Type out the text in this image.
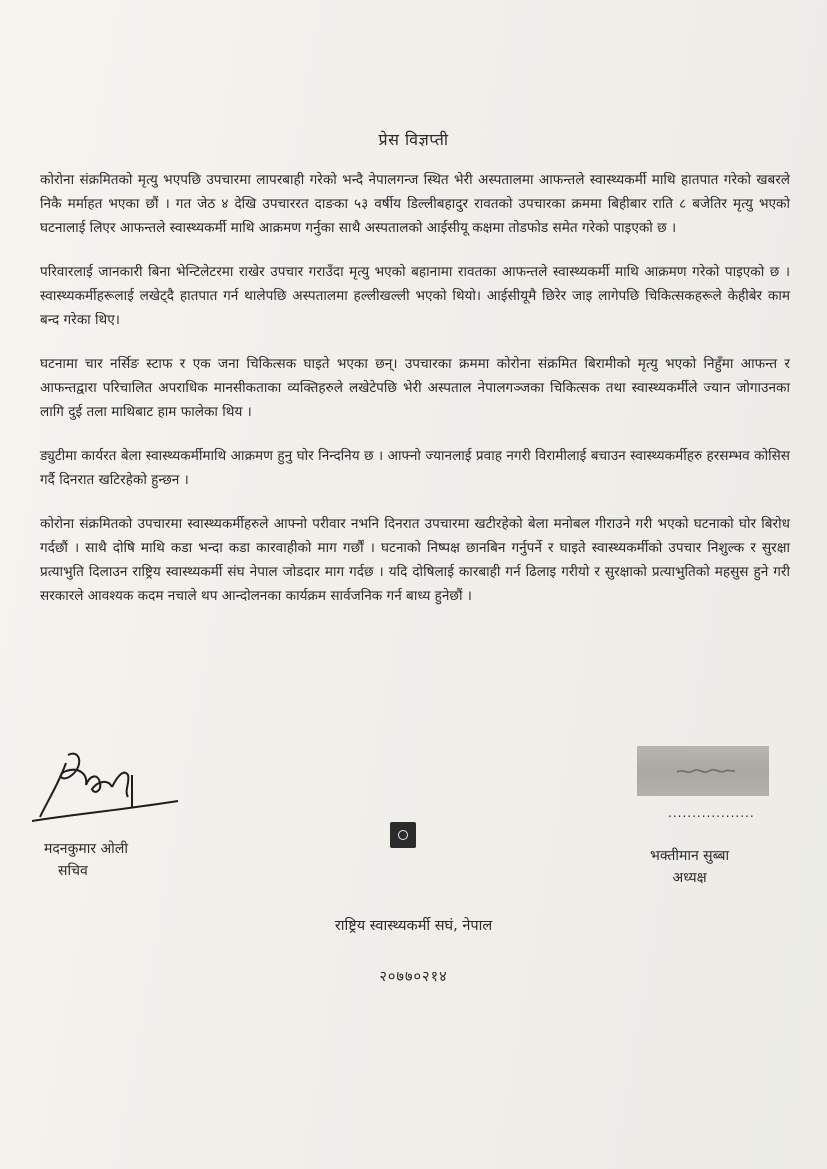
प्रेस विज्ञप्ती

कोरोना संक्रमितको मृत्यु भएपछि उपचारमा लापरबाही गरेको भन्दै नेपालगन्ज स्थित भेरी अस्पतालमा आफन्तले स्वास्थ्यकर्मी माथि हातपात गरेको खबरले निकै मर्माहत भएका छौं । गत जेठ ४ देखि उपचाररत दाङका ५३ वर्षीय डिल्लीबहादुर रावतको उपचारका क्रममा बिहीबार राति ८ बजेतिर मृत्यु भएको घटनालाई लिएर आफन्तले स्वास्थ्यकर्मी माथि आक्रमण गर्नुका साथै अस्पतालको आईसीयू कक्षमा तोडफोड समेत गरेको पाइएको छ ।

परिवारलाई जानकारी बिना भेन्टिलेटरमा राखेर उपचार गराउँदा मृत्यु भएको बहानामा रावतका आफन्तले स्वास्थ्यकर्मी माथि आक्रमण गरेको पाइएको छ । स्वास्थ्यकर्मीहरूलाई लखेट्दै हातपात गर्न थालेपछि अस्पतालमा हल्लीखल्ली भएको थियो। आईसीयूमै छिरेर जाइ लागेपछि चिकित्सकहरूले केहीबेर काम बन्द गरेका थिए।

घटनामा चार नर्सिङ स्टाफ र एक जना चिकित्सक घाइते भएका छन्। उपचारका क्रममा कोरोना संक्रमित बिरामीको मृत्यु भएको निहुँमा आफन्त र आफन्तद्वारा परिचालित अपराधिक मानसीकताका व्यक्तिहरुले लखेटेपछि भेरी अस्पताल नेपालगञ्जका चिकित्सक तथा स्वास्थ्यकर्मीले ज्यान जोगाउनका लागि दुई तला माथिबाट हाम फालेका थिय ।

ड्युटीमा कार्यरत बेला स्वास्थ्यकर्मीमाथि आक्रमण हुनु घोर निन्दनिय छ । आफ्नो ज्यानलाई प्रवाह नगरी विरामीलाई बचाउन स्वास्थ्यकर्मीहरु हरसम्भव कोसिस गर्दै दिनरात खटिरहेको हुन्छन ।

कोरोना संक्रमितको उपचारमा स्वास्थ्यकर्मीहरुले आफ्नो परीवार नभनि दिनरात उपचारमा खटीरहेको बेला मनोबल गीराउने गरी भएको घटनाको घोर बिरोध गर्दछौं । साथै दोषि माथि कडा भन्दा कडा कारवाहीको माग गर्छौं । घटनाको निष्पक्ष छानबिन गर्नुपर्ने र घाइते स्वास्थ्यकर्मीको उपचार निशुल्क र सुरक्षा प्रत्याभुति दिलाउन राष्ट्रिय स्वास्थ्यकर्मी संघ नेपाल जोडदार माग गर्दछ । यदि दोषिलाई कारबाही गर्न ढिलाइ गरीयो र सुरक्षाको प्रत्याभुतिको महसुस हुने गरी सरकारले आवश्यक कदम नचाले थप आन्दोलनका कार्यक्रम सार्वजनिक गर्न बाध्य हुनेछौं ।

मदनकुमार ओली
सचिव
..................
भक्तीमान सुब्बा
अध्यक्ष
राष्ट्रिय स्वास्थ्यकर्मी सघं, नेपाल
२०७७०२१४
